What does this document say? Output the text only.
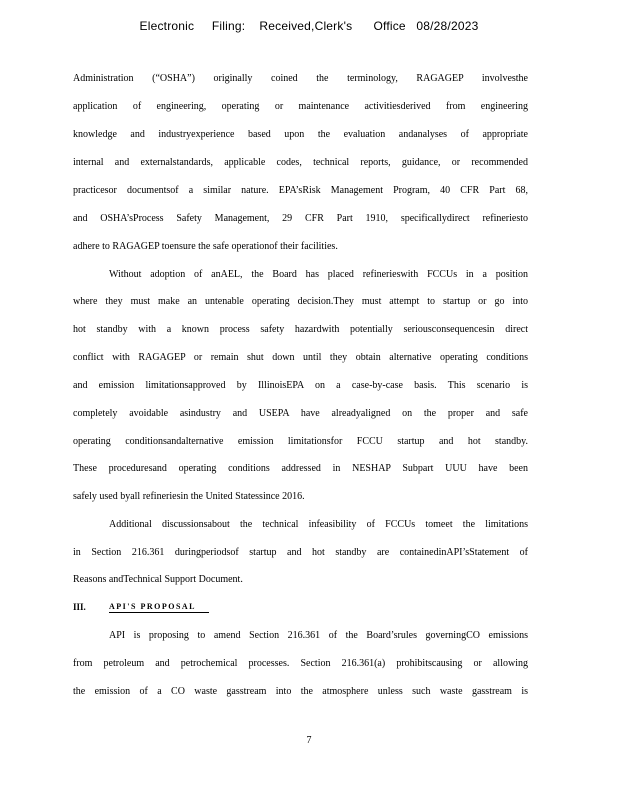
Electronic     Filing:    Received,Clerk's      Office   08/28/2023
Administration (“OSHA”) originally coined the terminology, RAGAGEP involvesthe
application of engineering, operating or maintenance activitiesderived from engineering
knowledge and industryexperience based upon the evaluation andanalyses of appropriate
internal and externalstandards, applicable codes, technical reports, guidance, or recommended
practicesor documentsof a similar nature. EPA’sRisk Management Program, 40 CFR Part 68,
and OSHA’sProcess Safety Management, 29 CFR Part 1910, specificallydirect refineriesto
adhere to RAGAGEP toensure the safe operationof their facilities.
Without adoption of anAEL, the Board has placed refinerieswith FCCUs in a position
where they must make an untenable operating decision.They must attempt to startup or go into
hot standby with a known process safety hazardwith potentially seriousconsequencesin direct
conflict with RAGAGEP or remain shut down until they obtain alternative operating conditions
and emission limitationsapproved by IllinoisEPA on a case-by-case basis. This scenario is
completely avoidable asindustry and USEPA have alreadyaligned on the proper and safe
operating conditionsandalternative emission limitationsfor FCCU startup and hot standby.
These proceduresand operating conditions addressed in NESHAP Subpart UUU have been
safely used byall refineriesin the United Statessince 2016.
Additional discussionsabout the technical infeasibility of FCCUs tomeet the limitations
in Section 216.361 duringperiodsof startup and hot standby are containedinAPI’sStatement of
Reasons andTechnical Support Document.
III.	API'S PROPOSAL
API is proposing to amend Section 216.361 of the Board’srules governingCO emissions
from petroleum and petrochemical processes. Section 216.361(a) prohibitscausing or allowing
the emission of a CO waste gasstream into the atmosphere unless such waste gasstream is
7
